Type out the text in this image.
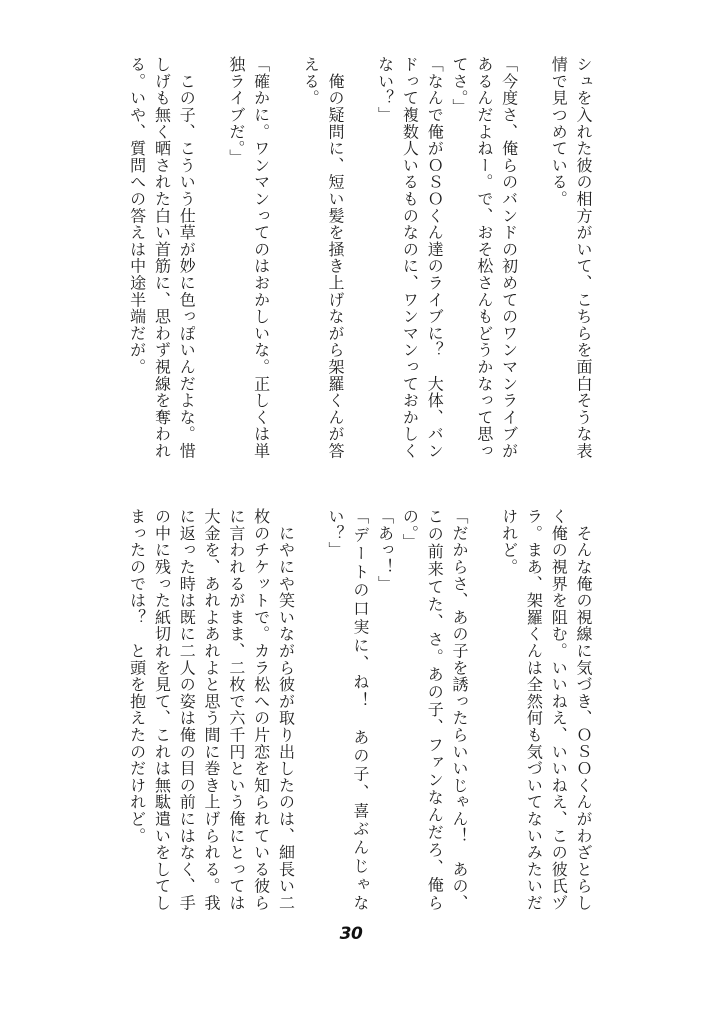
シュを入れた彼の相方がいて、こちらを面白そうな表
情で見つめている。
「今度さ、俺らのバンドの初めてのワンマンライブが
あるんだよねー。で、おそ松さんもどうかなって思っ
てさ。」
「なんで俺がＯＳＯくん達のライブに？　大体、バン
ドって複数人いるものなのに、ワンマンっておかしく
ない？」
　俺の疑問に、短い髪を掻き上げながら架羅くんが答
える。
「確かに。ワンマンってのはおかしいな。正しくは単
独ライブだ。」
　この子、こういう仕草が妙に色っぽいんだよな。惜
しげも無く晒された白い首筋に、思わず視線を奪われ
る。いや、質問への答えは中途半端だが。
　そんな俺の視線に気づき、ＯＳＯくんがわざとらし
く俺の視界を阻む。いいねえ、いいねえ、この彼氏ヅ
ラ。まあ、架羅くんは全然何も気づいてないみたいだ
けれど。
「だからさ、あの子を誘ったらいいじゃん！　あの、
この前来てた、さ。あの子、ファンなんだろ、俺ら
の。」
「あっ！」
「デートの口実に、ね！　あの子、喜ぶんじゃな
い？」
　にやにや笑いながら彼が取り出したのは、細長い二
枚のチケットで。カラ松への片恋を知られている彼ら
に言われるがまま、二枚で六千円という俺にとっては
大金を、あれよあれよと思う間に巻き上げられる。我
に返った時は既に二人の姿は俺の目の前にはなく、手
の中に残った紙切れを見て、これは無駄遣いをしてし
まったのでは？　と頭を抱えたのだけれど。
30
